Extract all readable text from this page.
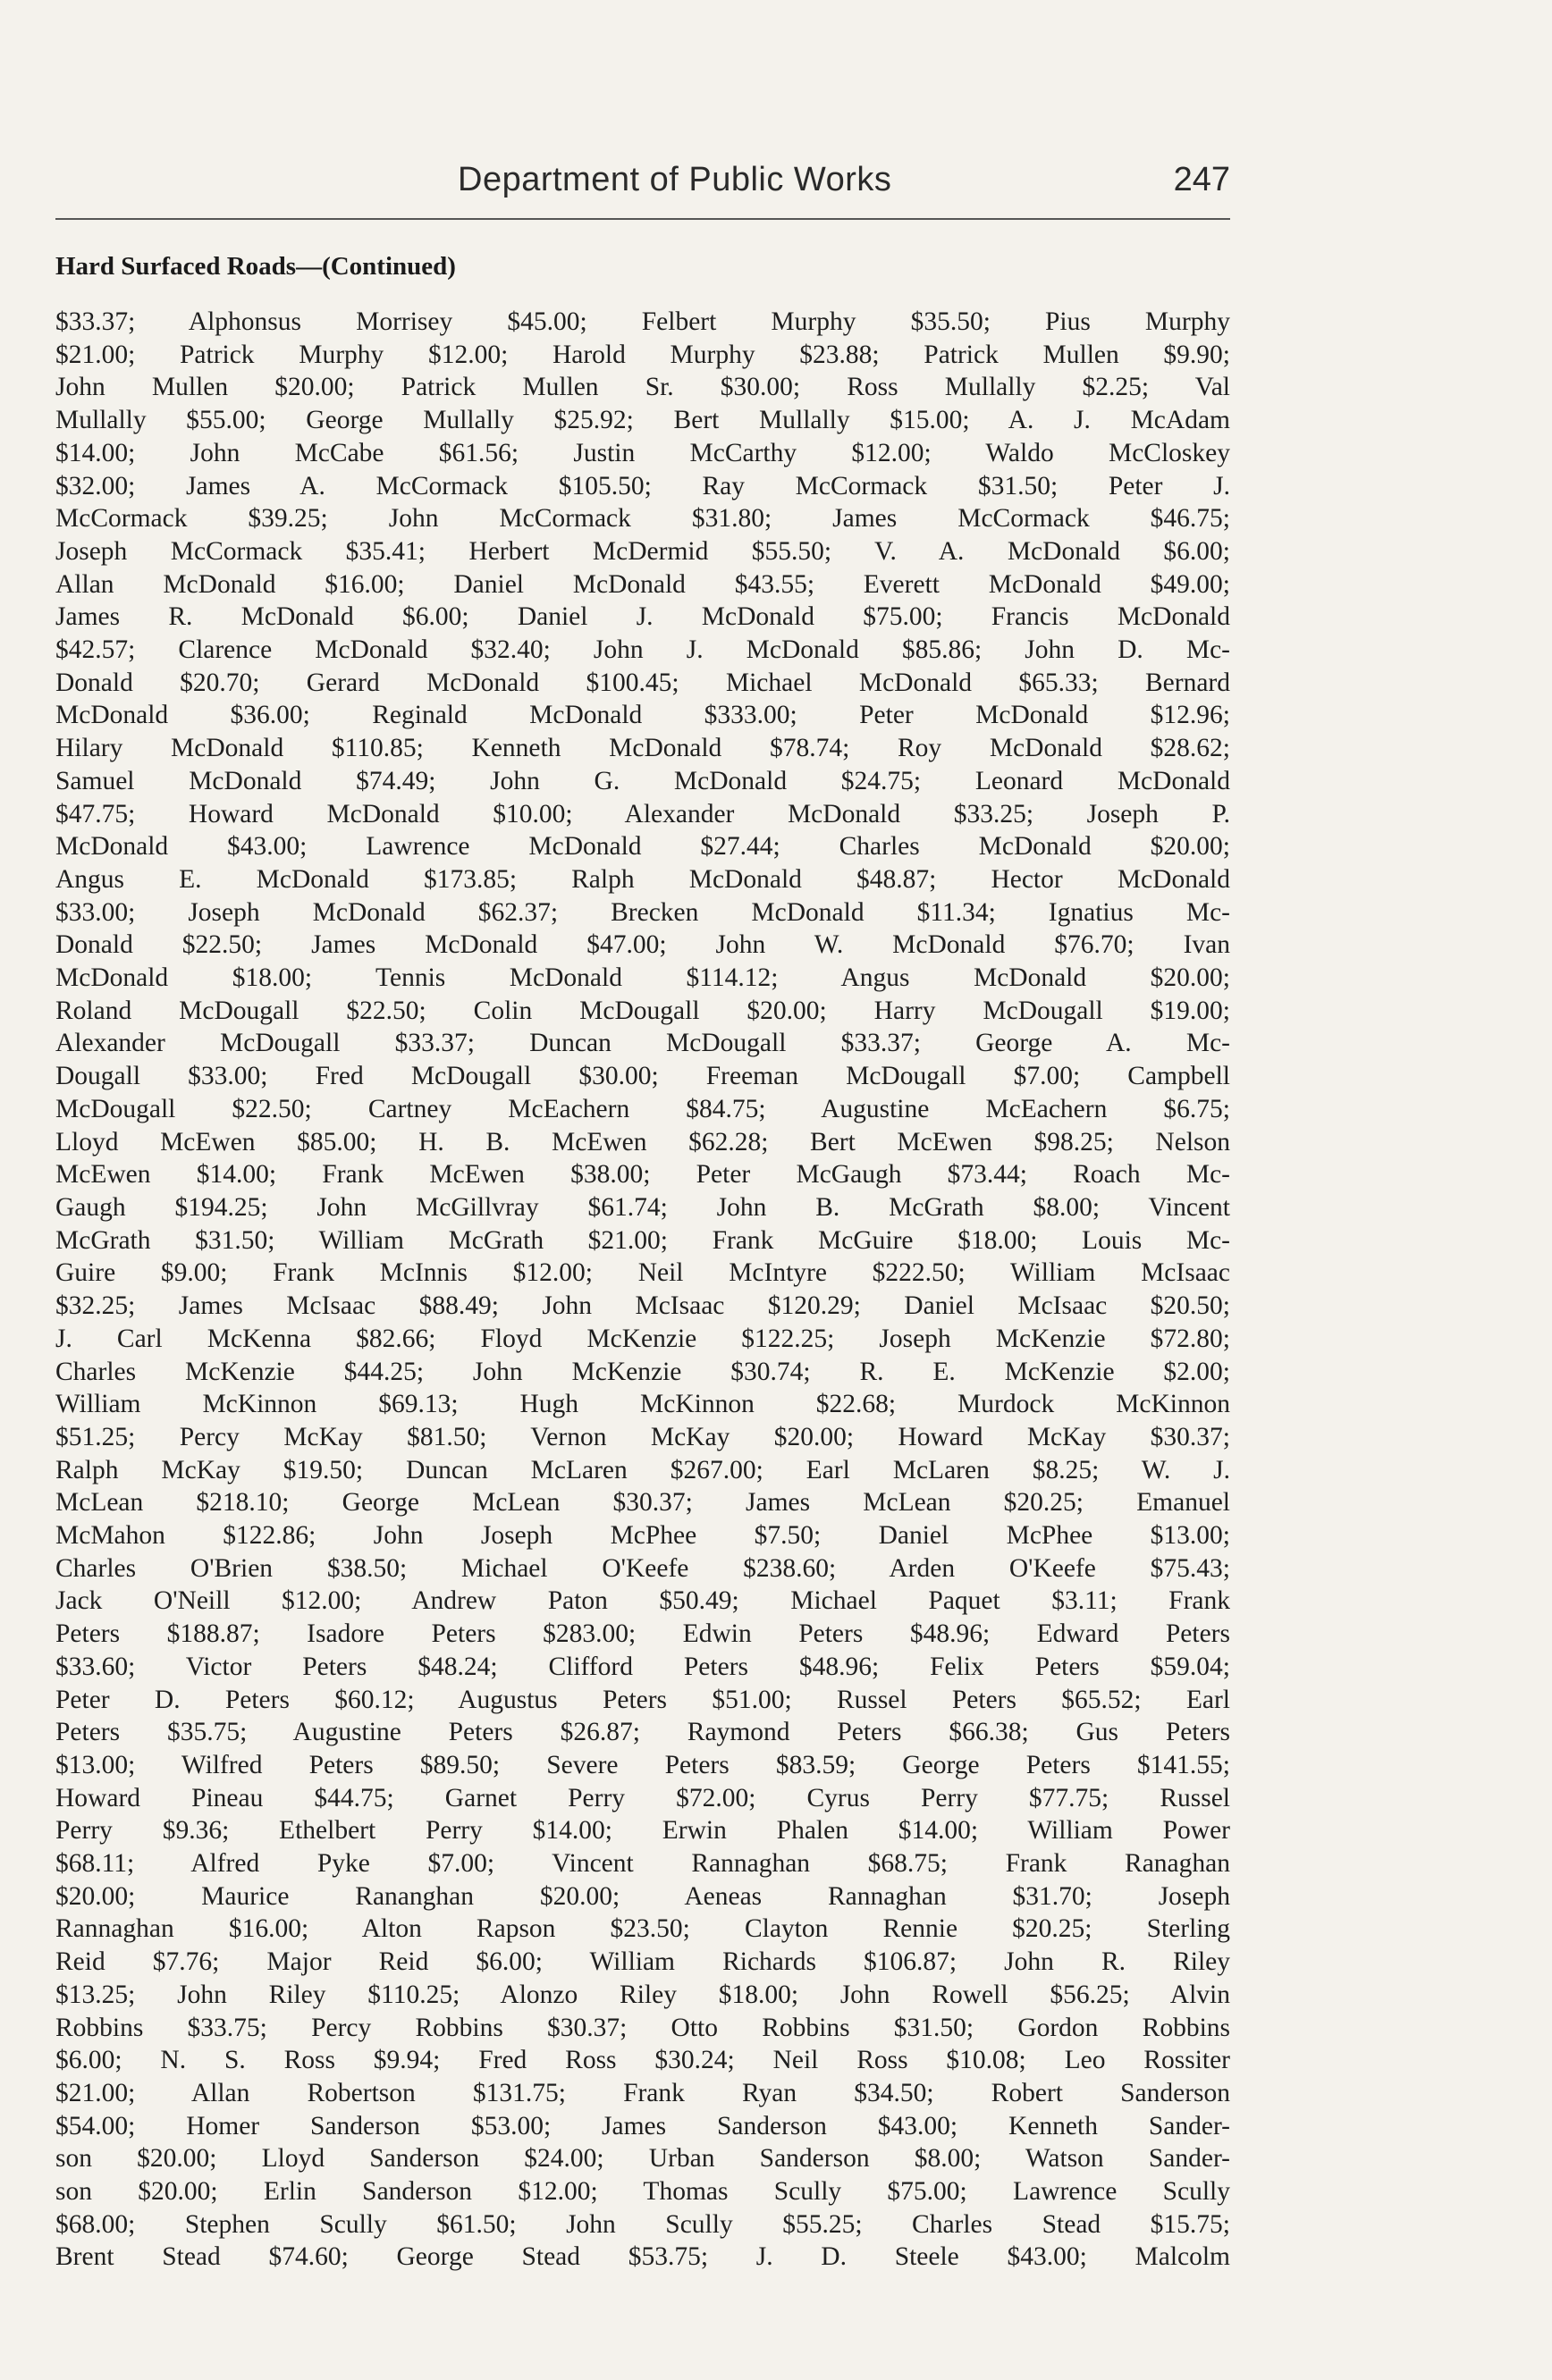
Department of Public Works	247
Hard Surfaced Roads—(Continued)
$33.37; Alphonsus Morrisey $45.00; Felbert Murphy $35.50; Pius Murphy
$21.00; Patrick Murphy $12.00; Harold Murphy $23.88; Patrick Mullen $9.90;
John Mullen $20.00; Patrick Mullen Sr. $30.00; Ross Mullally $2.25; Val
Mullally $55.00; George Mullally $25.92; Bert Mullally $15.00; A. J. McAdam
$14.00; John McCabe $61.56; Justin McCarthy $12.00; Waldo McCloskey
$32.00; James A. McCormack $105.50; Ray McCormack $31.50; Peter J.
McCormack $39.25; John McCormack $31.80; James McCormack $46.75;
Joseph McCormack $35.41; Herbert McDermid $55.50; V. A. McDonald $6.00;
Allan McDonald $16.00; Daniel McDonald $43.55; Everett McDonald $49.00;
James R. McDonald $6.00; Daniel J. McDonald $75.00; Francis McDonald
$42.57; Clarence McDonald $32.40; John J. McDonald $85.86; John D. Mc-
Donald $20.70; Gerard McDonald $100.45; Michael McDonald $65.33; Bernard
McDonald $36.00; Reginald McDonald $333.00; Peter McDonald $12.96;
Hilary McDonald $110.85; Kenneth McDonald $78.74; Roy McDonald $28.62;
Samuel McDonald $74.49; John G. McDonald $24.75; Leonard McDonald
$47.75; Howard McDonald $10.00; Alexander McDonald $33.25; Joseph P.
McDonald $43.00; Lawrence McDonald $27.44; Charles McDonald $20.00;
Angus E. McDonald $173.85; Ralph McDonald $48.87; Hector McDonald
$33.00; Joseph McDonald $62.37; Brecken McDonald $11.34; Ignatius Mc-
Donald $22.50; James McDonald $47.00; John W. McDonald $76.70; Ivan
McDonald $18.00; Tennis McDonald $114.12; Angus McDonald $20.00;
Roland McDougall $22.50; Colin McDougall $20.00; Harry McDougall $19.00;
Alexander McDougall $33.37; Duncan McDougall $33.37; George A. Mc-
Dougall $33.00; Fred McDougall $30.00; Freeman McDougall $7.00; Campbell
McDougall $22.50; Cartney McEachern $84.75; Augustine McEachern $6.75;
Lloyd McEwen $85.00; H. B. McEwen $62.28; Bert McEwen $98.25; Nelson
McEwen $14.00; Frank McEwen $38.00; Peter McGaugh $73.44; Roach Mc-
Gaugh $194.25; John McGillvray $61.74; John B. McGrath $8.00; Vincent
McGrath $31.50; William McGrath $21.00; Frank McGuire $18.00; Louis Mc-
Guire $9.00; Frank McInnis $12.00; Neil McIntyre $222.50; William McIsaac
$32.25; James McIsaac $88.49; John McIsaac $120.29; Daniel McIsaac $20.50;
J. Carl McKenna $82.66; Floyd McKenzie $122.25; Joseph McKenzie $72.80;
Charles McKenzie $44.25; John McKenzie $30.74; R. E. McKenzie $2.00;
William McKinnon $69.13; Hugh McKinnon $22.68; Murdock McKinnon
$51.25; Percy McKay $81.50; Vernon McKay $20.00; Howard McKay $30.37;
Ralph McKay $19.50; Duncan McLaren $267.00; Earl McLaren $8.25; W. J.
McLean $218.10; George McLean $30.37; James McLean $20.25; Emanuel
McMahon $122.86; John Joseph McPhee $7.50; Daniel McPhee $13.00;
Charles O'Brien $38.50; Michael O'Keefe $238.60; Arden O'Keefe $75.43;
Jack O'Neill $12.00; Andrew Paton $50.49; Michael Paquet $3.11; Frank
Peters $188.87; Isadore Peters $283.00; Edwin Peters $48.96; Edward Peters
$33.60; Victor Peters $48.24; Clifford Peters $48.96; Felix Peters $59.04;
Peter D. Peters $60.12; Augustus Peters $51.00; Russel Peters $65.52; Earl
Peters $35.75; Augustine Peters $26.87; Raymond Peters $66.38; Gus Peters
$13.00; Wilfred Peters $89.50; Severe Peters $83.59; George Peters $141.55;
Howard Pineau $44.75; Garnet Perry $72.00; Cyrus Perry $77.75; Russel
Perry $9.36; Ethelbert Perry $14.00; Erwin Phalen $14.00; William Power
$68.11; Alfred Pyke $7.00; Vincent Rannaghan $68.75; Frank Ranaghan
$20.00; Maurice Rananghan $20.00; Aeneas Rannaghan $31.70; Joseph
Rannaghan $16.00; Alton Rapson $23.50; Clayton Rennie $20.25; Sterling
Reid $7.76; Major Reid $6.00; William Richards $106.87; John R. Riley
$13.25; John Riley $110.25; Alonzo Riley $18.00; John Rowell $56.25; Alvin
Robbins $33.75; Percy Robbins $30.37; Otto Robbins $31.50; Gordon Robbins
$6.00; N. S. Ross $9.94; Fred Ross $30.24; Neil Ross $10.08; Leo Rossiter
$21.00; Allan Robertson $131.75; Frank Ryan $34.50; Robert Sanderson
$54.00; Homer Sanderson $53.00; James Sanderson $43.00; Kenneth Sander-
son $20.00; Lloyd Sanderson $24.00; Urban Sanderson $8.00; Watson Sander-
son $20.00; Erlin Sanderson $12.00; Thomas Scully $75.00; Lawrence Scully
$68.00; Stephen Scully $61.50; John Scully $55.25; Charles Stead $15.75;
Brent Stead $74.60; George Stead $53.75; J. D. Steele $43.00; Malcolm
